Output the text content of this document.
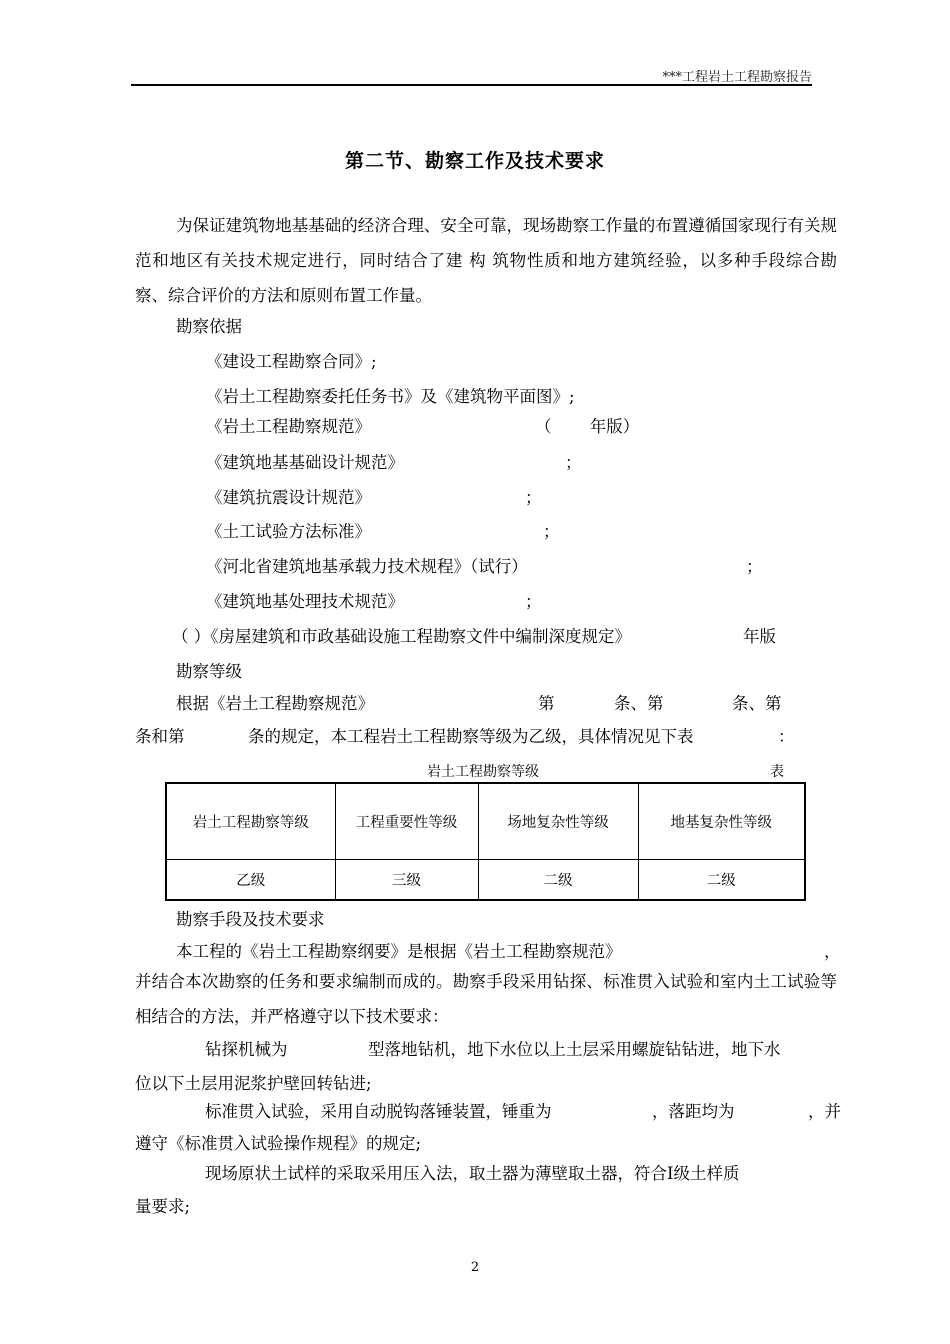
***工程岩土工程勘察报告
第二节、勘察工作及技术要求
为保证建筑物地基基础的经济合理、安全可靠，现场勘察工作量的布置遵循国家现行有关规范和地区有关技术规定进行，同时结合了建 构 筑物性质和地方建筑经验，以多种手段综合勘察、综合评价的方法和原则布置工作量。
勘察依据
《建设工程勘察合同》;
《岩土工程勘察委托任务书》及《建筑物平面图》;
《岩土工程勘察规范》	（　　 年版）
《建筑地基基础设计规范》	；
《建筑抗震设计规范》	；
《土工试验方法标准》	；
《河北省建筑地基承载力技术规程》（试行）	；
《建筑地基处理技术规范》	；
（ ）《房屋建筑和市政基础设施工程勘察文件中编制深度规定》	年版
勘察等级
根据《岩土工程勘察规范》	第	条、第	条、第
条和第	条的规定，本工程岩土工程勘察等级为乙级，具体情况见下表	：
岩土工程勘察等级	表
岩土工程勘察等级	工程重要性等级	场地复杂性等级	地基复杂性等级
乙级	三级	二级	二级
勘察手段及技术要求
本工程的《岩土工程勘察纲要》是根据《岩土工程勘察规范》	，
并结合本次勘察的任务和要求编制而成的。勘察手段采用钻探、标准贯入试验和室内土工试验等相结合的方法，并严格遵守以下技术要求：
钻探机械为	型落地钻机，地下水位以上土层采用螺旋钻钻进，地下水
位以下土层用泥浆护壁回转钻进;
标准贯入试验，采用自动脱钩落锤装置，锤重为	，落距均为	，并
遵守《标准贯入试验操作规程》的规定;
现场原状土试样的采取采用压入法，取土器为薄壁取土器，符合Ⅰ级土样质
量要求;
2
